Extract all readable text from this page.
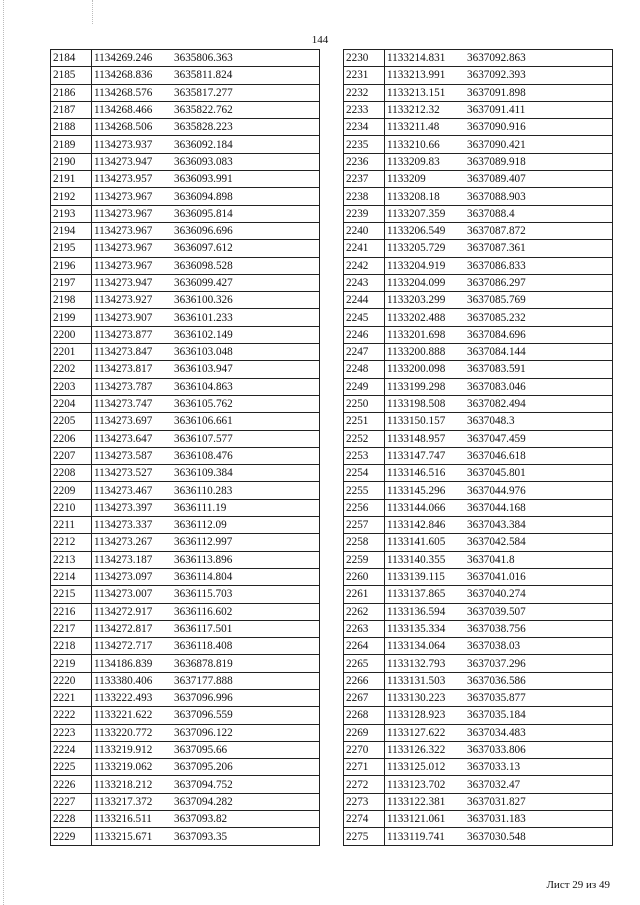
144
2184	1134269.246	3635806.363
2185	1134268.836	3635811.824
2186	1134268.576	3635817.277
2187	1134268.466	3635822.762
2188	1134268.506	3635828.223
2189	1134273.937	3636092.184
2190	1134273.947	3636093.083
2191	1134273.957	3636093.991
2192	1134273.967	3636094.898
2193	1134273.967	3636095.814
2194	1134273.967	3636096.696
2195	1134273.967	3636097.612
2196	1134273.967	3636098.528
2197	1134273.947	3636099.427
2198	1134273.927	3636100.326
2199	1134273.907	3636101.233
2200	1134273.877	3636102.149
2201	1134273.847	3636103.048
2202	1134273.817	3636103.947
2203	1134273.787	3636104.863
2204	1134273.747	3636105.762
2205	1134273.697	3636106.661
2206	1134273.647	3636107.577
2207	1134273.587	3636108.476
2208	1134273.527	3636109.384
2209	1134273.467	3636110.283
2210	1134273.397	3636111.19
2211	1134273.337	3636112.09
2212	1134273.267	3636112.997
2213	1134273.187	3636113.896
2214	1134273.097	3636114.804
2215	1134273.007	3636115.703
2216	1134272.917	3636116.602
2217	1134272.817	3636117.501
2218	1134272.717	3636118.408
2219	1134186.839	3636878.819
2220	1133380.406	3637177.888
2221	1133222.493	3637096.996
2222	1133221.622	3637096.559
2223	1133220.772	3637096.122
2224	1133219.912	3637095.66
2225	1133219.062	3637095.206
2226	1133218.212	3637094.752
2227	1133217.372	3637094.282
2228	1133216.511	3637093.82
2229	1133215.671	3637093.35
2230	1133214.831	3637092.863
2231	1133213.991	3637092.393
2232	1133213.151	3637091.898
2233	1133212.32	3637091.411
2234	1133211.48	3637090.916
2235	1133210.66	3637090.421
2236	1133209.83	3637089.918
2237	1133209	3637089.407
2238	1133208.18	3637088.903
2239	1133207.359	3637088.4
2240	1133206.549	3637087.872
2241	1133205.729	3637087.361
2242	1133204.919	3637086.833
2243	1133204.099	3637086.297
2244	1133203.299	3637085.769
2245	1133202.488	3637085.232
2246	1133201.698	3637084.696
2247	1133200.888	3637084.144
2248	1133200.098	3637083.591
2249	1133199.298	3637083.046
2250	1133198.508	3637082.494
2251	1133150.157	3637048.3
2252	1133148.957	3637047.459
2253	1133147.747	3637046.618
2254	1133146.516	3637045.801
2255	1133145.296	3637044.976
2256	1133144.066	3637044.168
2257	1133142.846	3637043.384
2258	1133141.605	3637042.584
2259	1133140.355	3637041.8
2260	1133139.115	3637041.016
2261	1133137.865	3637040.274
2262	1133136.594	3637039.507
2263	1133135.334	3637038.756
2264	1133134.064	3637038.03
2265	1133132.793	3637037.296
2266	1133131.503	3637036.586
2267	1133130.223	3637035.877
2268	1133128.923	3637035.184
2269	1133127.622	3637034.483
2270	1133126.322	3637033.806
2271	1133125.012	3637033.13
2272	1133123.702	3637032.47
2273	1133122.381	3637031.827
2274	1133121.061	3637031.183
2275	1133119.741	3637030.548
Лист 29 из 49
